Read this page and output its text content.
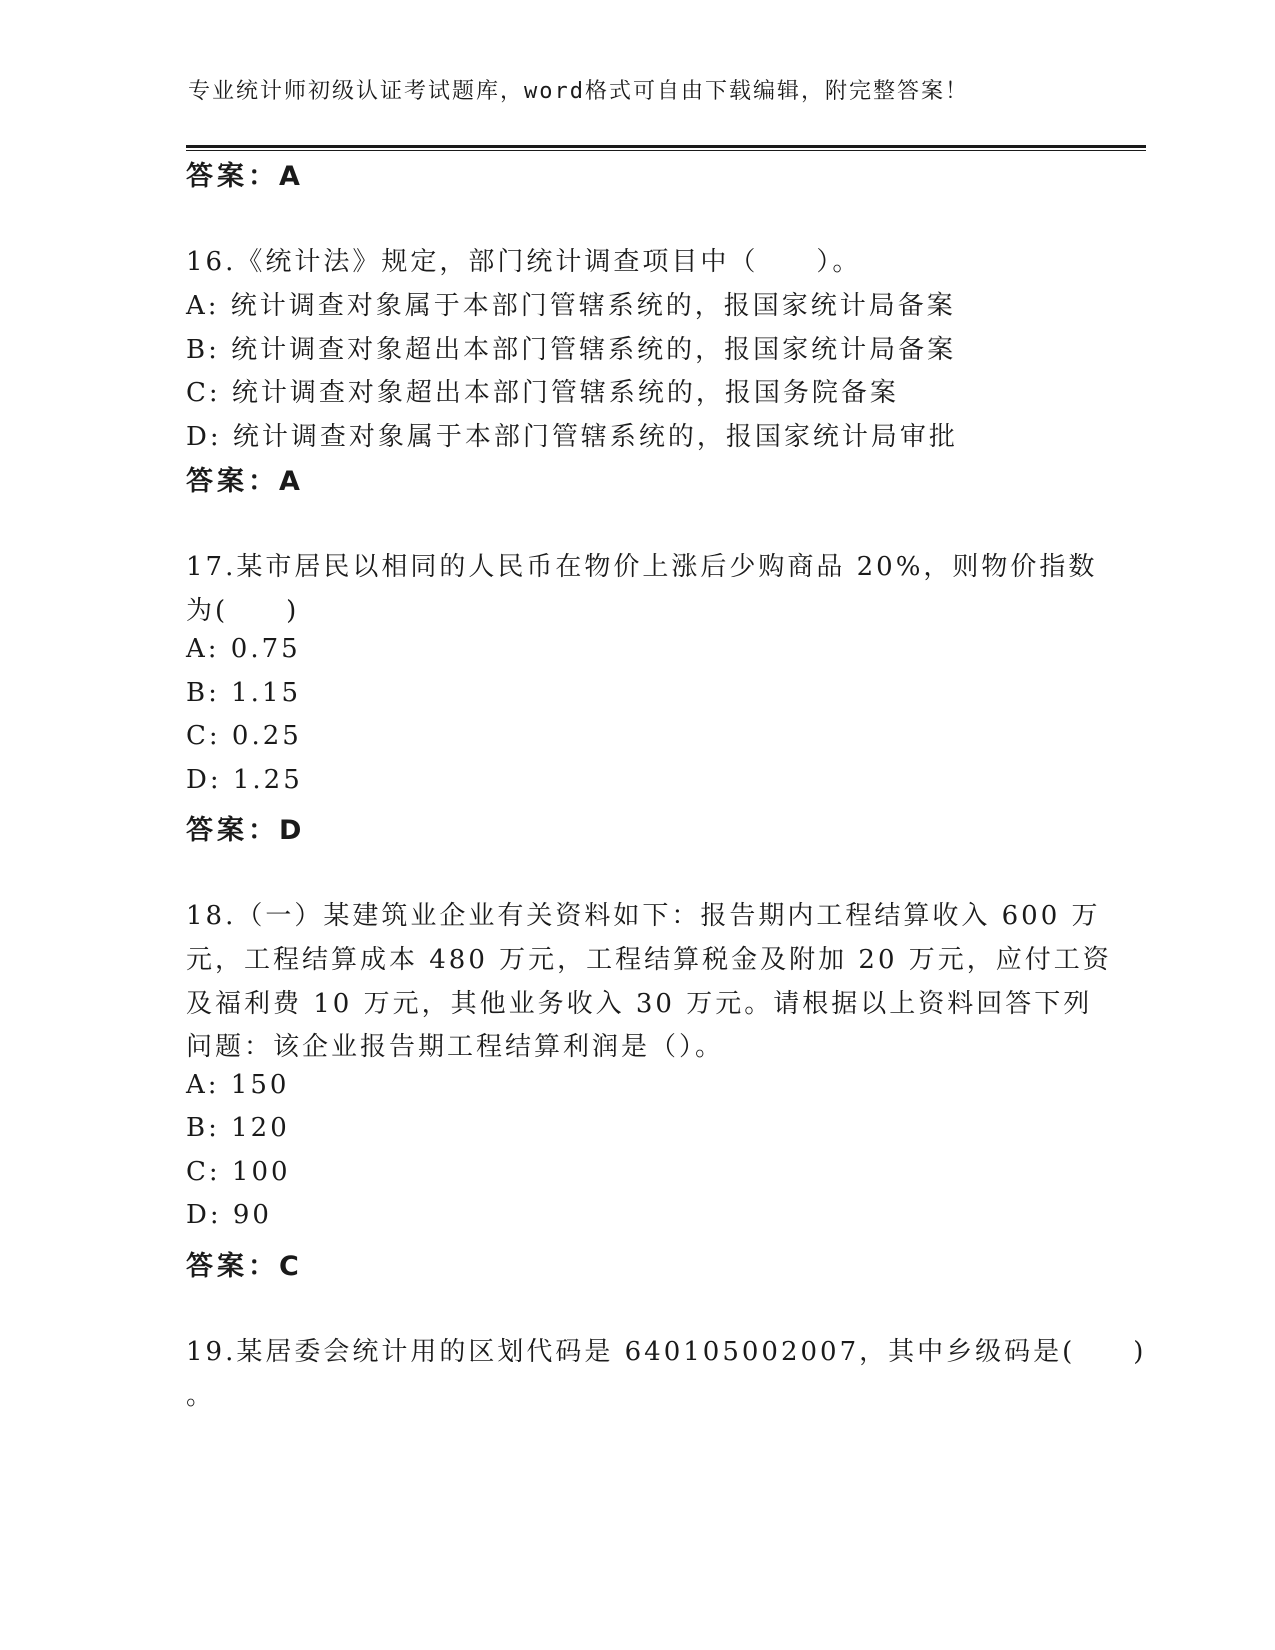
专业统计师初级认证考试题库，word格式可自由下载编辑，附完整答案！
答案：A
16.《统计法》规定，部门统计调查项目中（　　）。
A: 统计调查对象属于本部门管辖系统的，报国家统计局备案
B: 统计调查对象超出本部门管辖系统的，报国家统计局备案
C: 统计调查对象超出本部门管辖系统的，报国务院备案
D: 统计调查对象属于本部门管辖系统的，报国家统计局审批
答案：A
17.某市居民以相同的人民币在物价上涨后少购商品 20%，则物价指数
为(　　)
A: 0.75
B: 1.15
C: 0.25
D: 1.25
答案：D
18.（一）某建筑业企业有关资料如下：报告期内工程结算收入 600 万
元，工程结算成本 480 万元，工程结算税金及附加 20 万元，应付工资
及福利费 10 万元，其他业务收入 30 万元。请根据以上资料回答下列
问题：该企业报告期工程结算利润是（）。
A: 150
B: 120
C: 100
D: 90
答案：C
19.某居委会统计用的区划代码是 640105002007，其中乡级码是(　　)
。
